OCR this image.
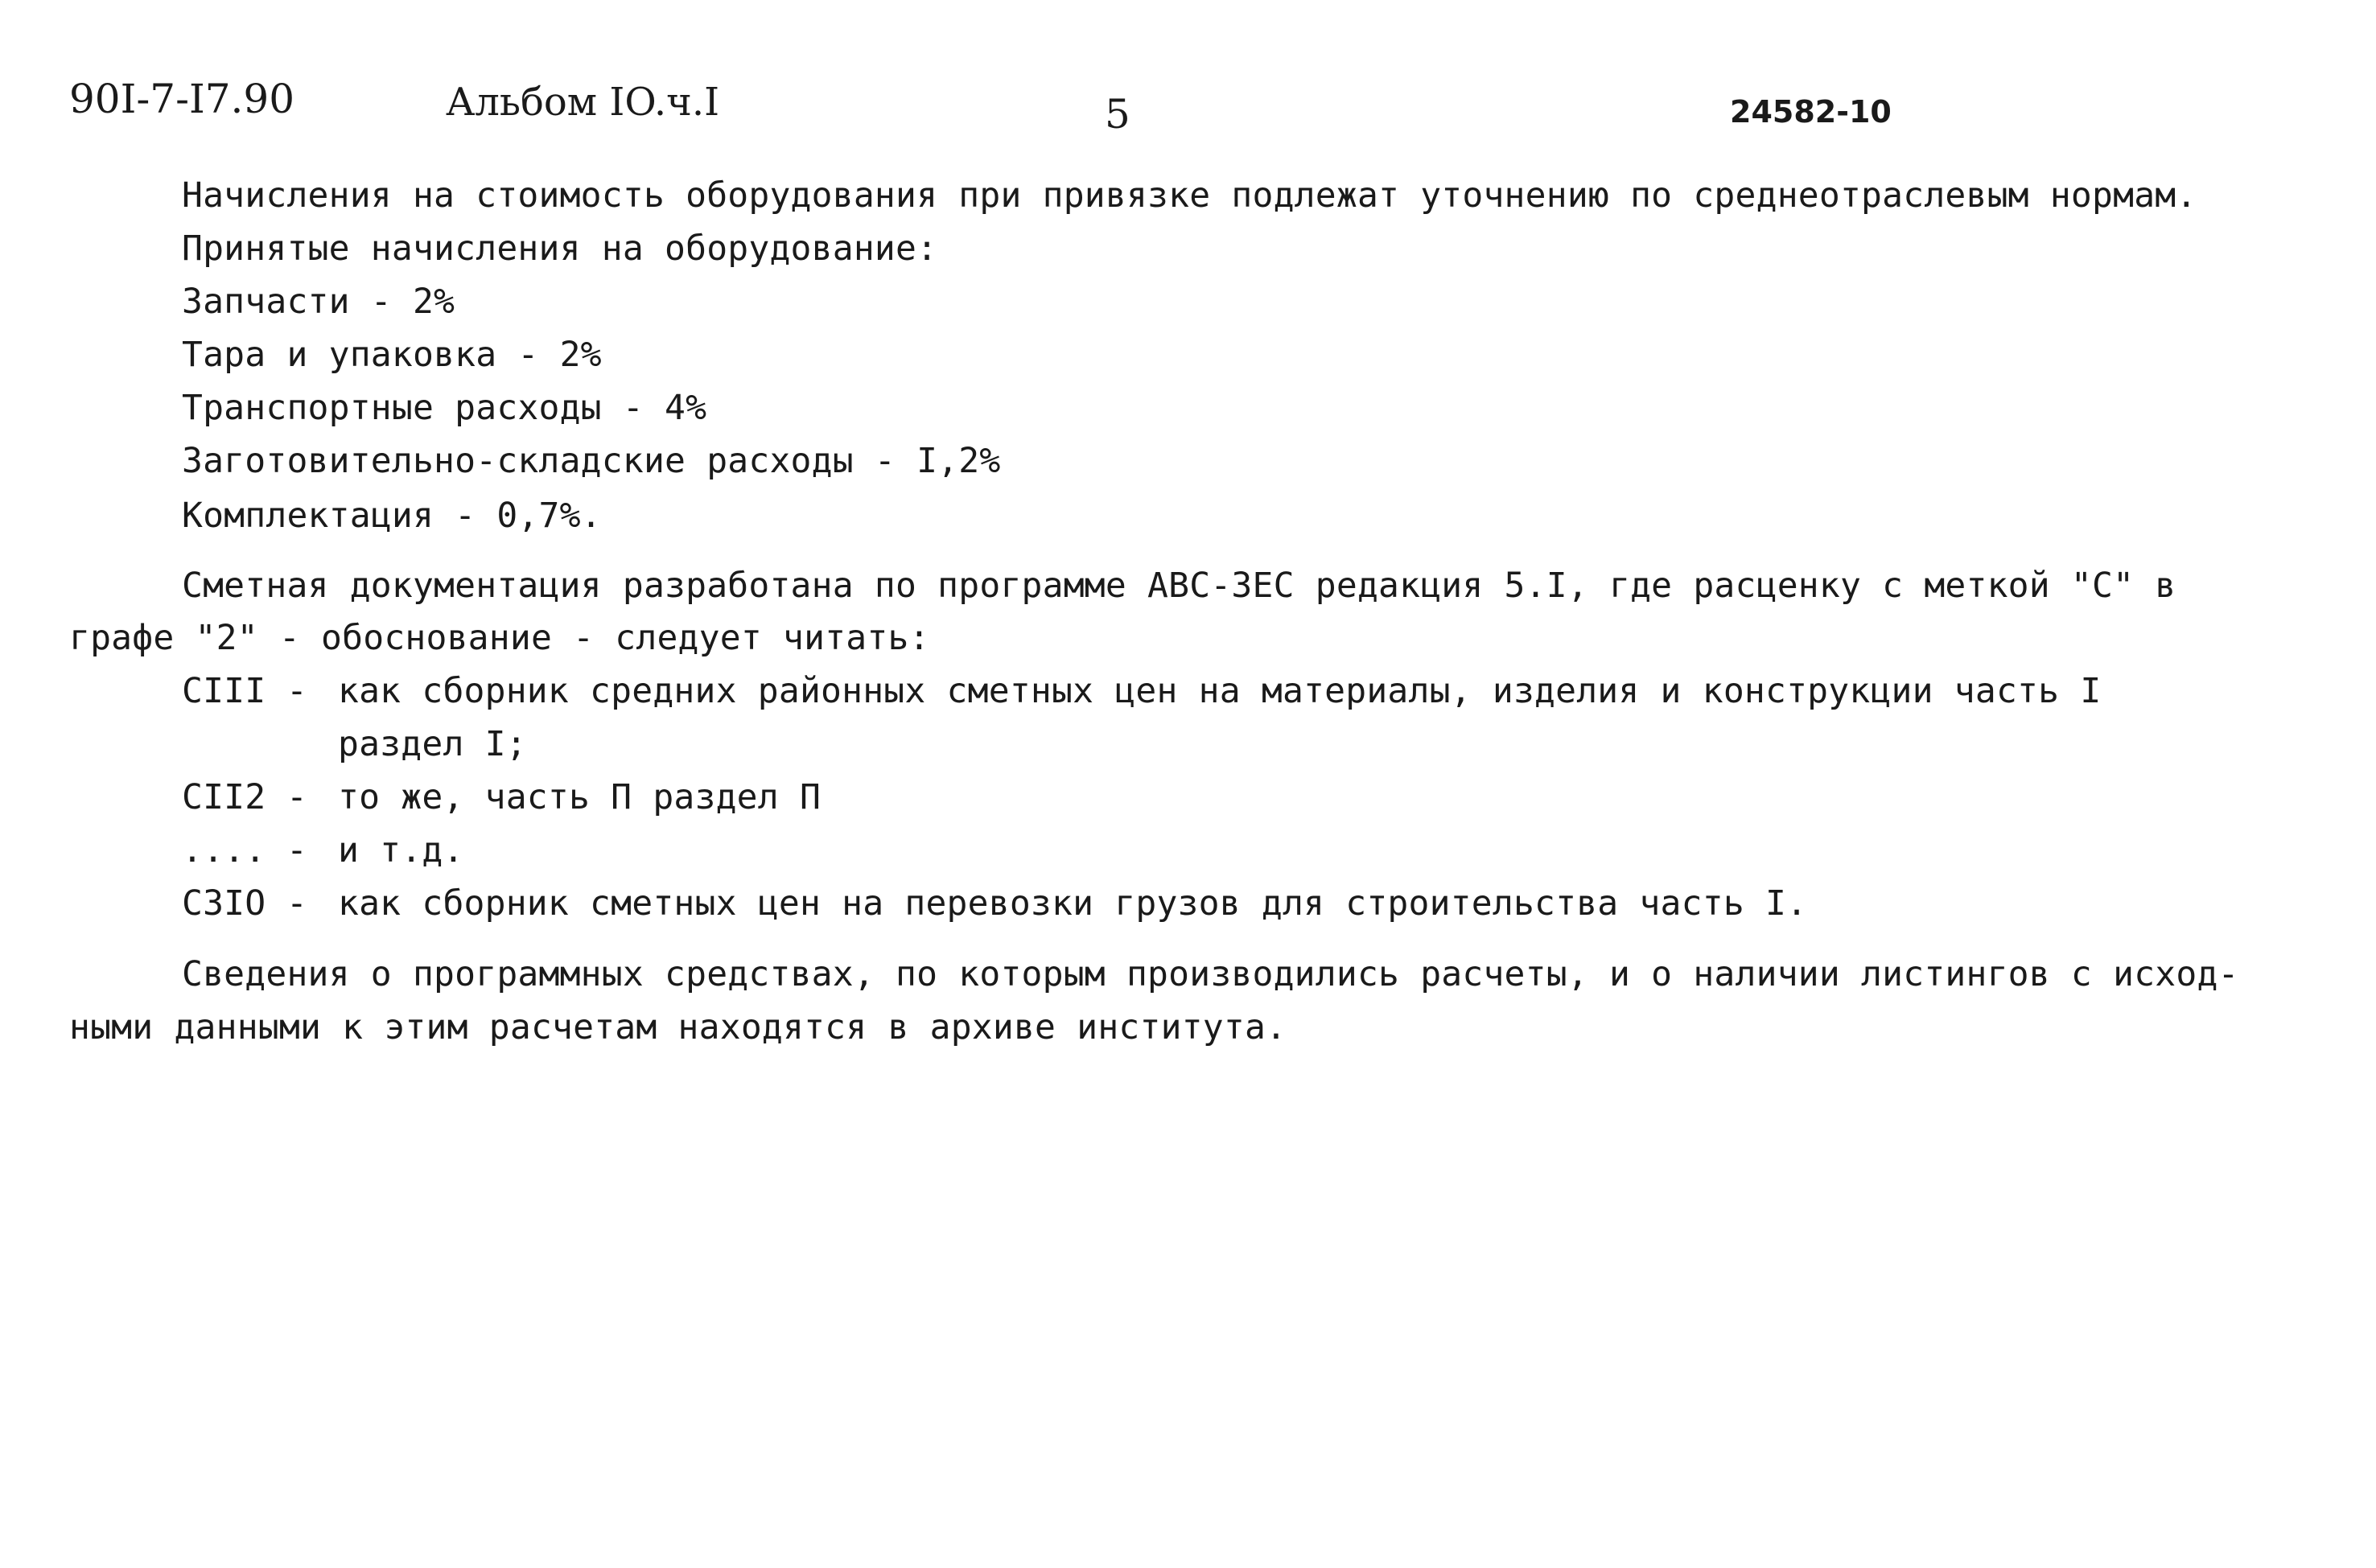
90I-7-I7.90	Альбом IO.ч.I	5	24582-10
Начисления на стоимость оборудования при привязке подлежат уточнению по среднеотраслевым нормам.
Принятые начисления на оборудование:
Запчасти - 2%
Тара и упаковка - 2%
Транспортные расходы - 4%
Заготовительно-складские расходы - I,2%
Комплектация - 0,7%.
Сметная документация разработана по программе АВС-ЗЕС редакция 5.I, где расценку с меткой "С" в
графе "2" - обоснование - следует читать:
CIII - как сборник средних районных сметных цен на материалы, изделия и конструкции часть I
раздел I;
CII2 - то же, часть П раздел П
.... - и т.д.
C3IO - как сборник сметных цен на перевозки грузов для строительства часть I.
Сведения о программных средствах, по которым производились расчеты, и о наличии листингов с исход-
ными данными к этим расчетам находятся в архиве института.
